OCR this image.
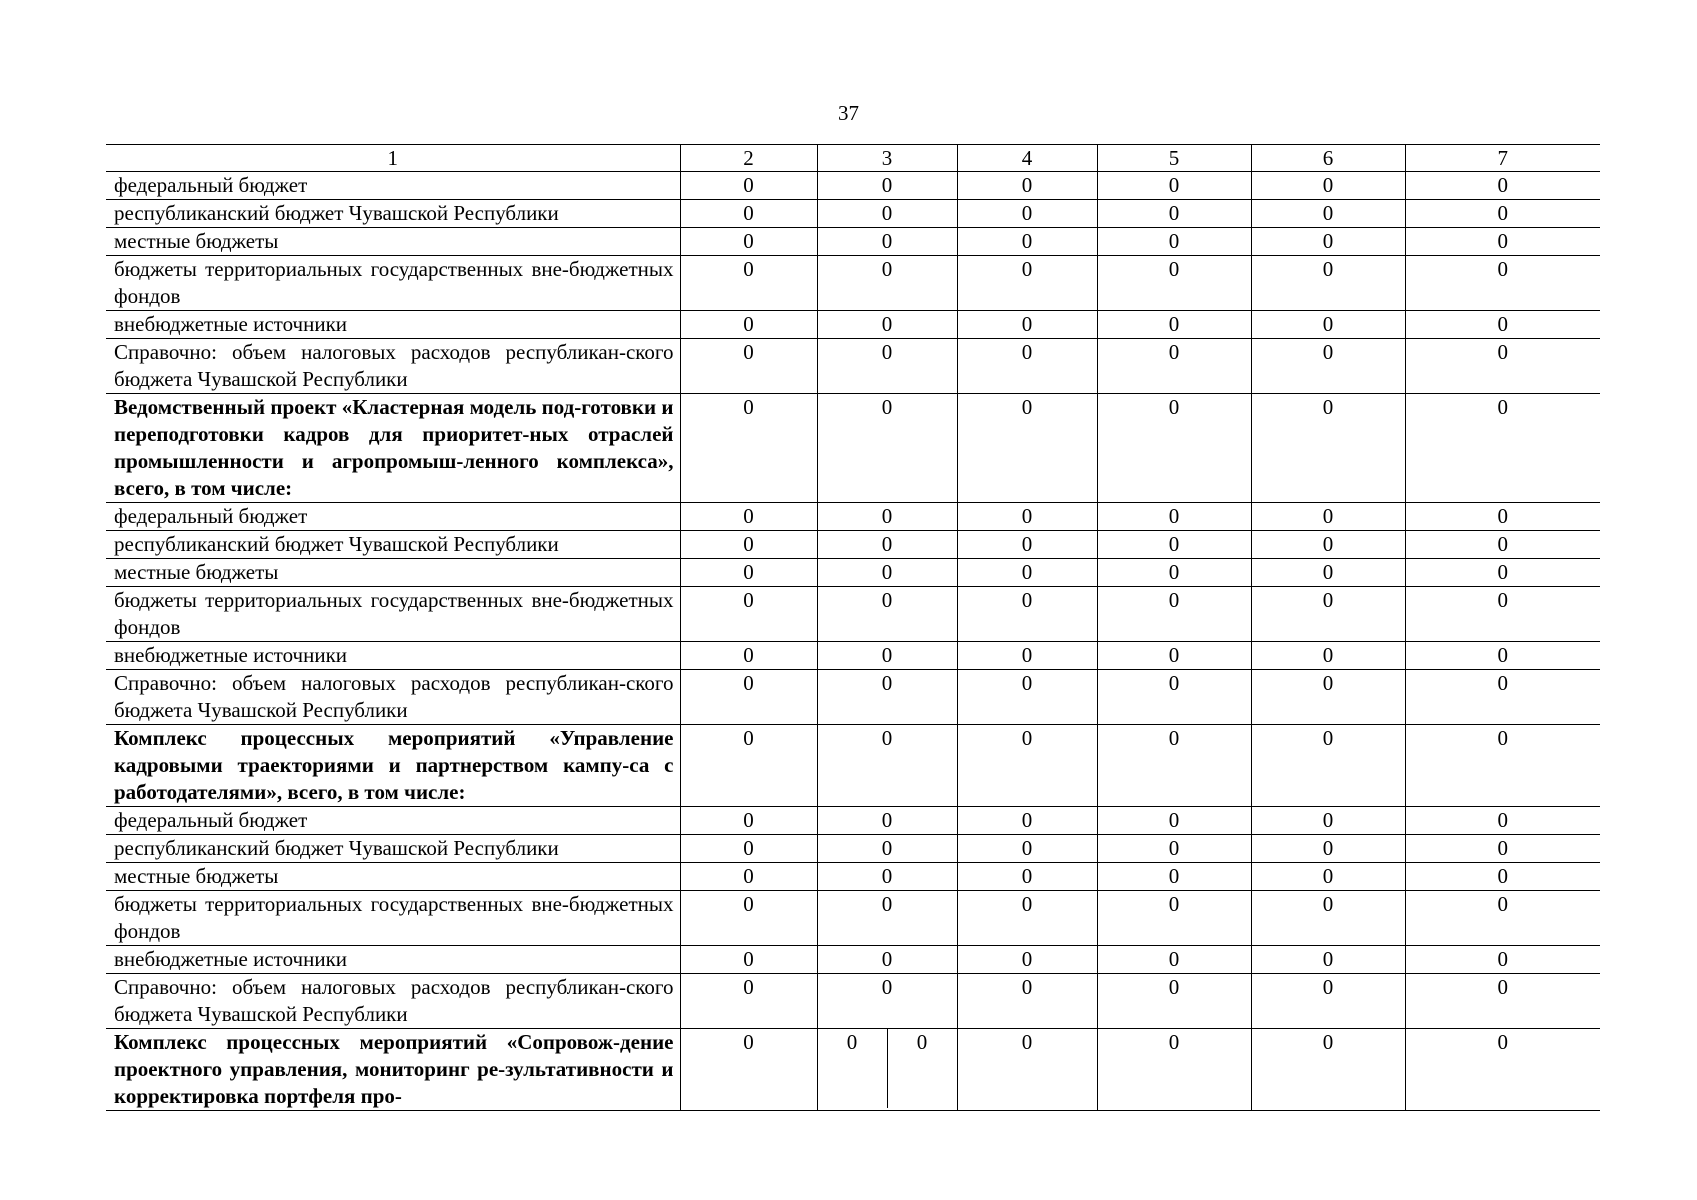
37
1	2	3	4	5	6	7

федеральный бюджет	0	0	0	0	0	0

республиканский бюджет Чувашской Республики	0	0	0	0	0	0

местные бюджеты	0	0	0	0	0	0

бюджеты территориальных государственных вне-бюджетных фондов	0	0	0	0	0	0

внебюджетные источники	0	0	0	0	0	0

Справочно: объем налоговых расходов республикан-ского бюджета Чувашской Республики	0	0	0	0	0	0

Ведомственный проект «Кластерная модель под-готовки и переподготовки кадров для приоритет-ных отраслей промышленности и агропромыш-ленного комплекса», всего, в том числе:	0	0	0	0	0	0

федеральный бюджет	0	0	0	0	0	0

республиканский бюджет Чувашской Республики	0	0	0	0	0	0

местные бюджеты	0	0	0	0	0	0

бюджеты территориальных государственных вне-бюджетных фондов	0	0	0	0	0	0

внебюджетные источники	0	0	0	0	0	0

Справочно: объем налоговых расходов республикан-ского бюджета Чувашской Республики	0	0	0	0	0	0

Комплекс процессных мероприятий «Управление кадровыми траекториями и партнерством кампу-са с работодателями», всего, в том числе:	0	0	0	0	0	0

федеральный бюджет	0	0	0	0	0	0

республиканский бюджет Чувашской Республики	0	0	0	0	0	0

местные бюджеты	0	0	0	0	0	0

бюджеты территориальных государственных вне-бюджетных фондов	0	0	0	0	0	0

внебюджетные источники	0	0	0	0	0	0

Справочно: объем налоговых расходов республикан-ского бюджета Чувашской Республики	0	0	0	0	0	0

Комплекс процессных мероприятий «Сопровож-дение проектного управления, мониторинг ре-зультативности и корректировка портфеля про-	0	0 0	0	0	0	0
